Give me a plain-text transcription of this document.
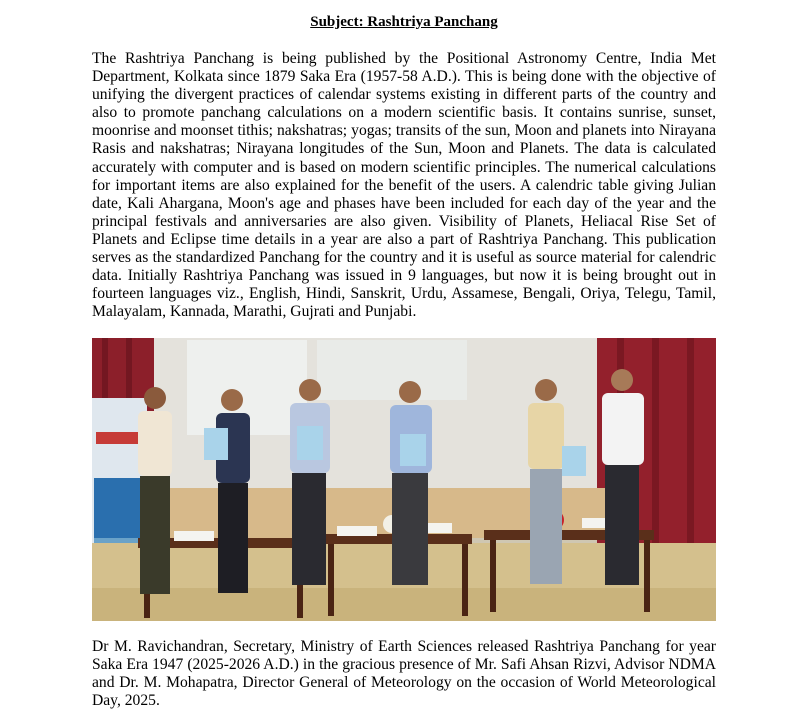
Subject: Rashtriya Panchang

The Rashtriya Panchang is being published by the Positional Astronomy Centre, India Met Department, Kolkata since 1879 Saka Era (1957-58 A.D.). This is being done with the objective of unifying the divergent practices of calendar systems existing in different parts of the country and also to promote panchang calculations on a modern scientific basis. It contains sunrise, sunset, moonrise and moonset tithis; nakshatras; yogas; transits of the sun, Moon and planets into Nirayana Rasis and nakshatras; Nirayana longitudes of the Sun, Moon and Planets. The data is calculated accurately with computer and is based on modern scientific principles. The numerical calculations for important items are also explained for the benefit of the users. A calendric table giving Julian date, Kali Ahargana, Moon's age and phases have been included for each day of the year and the principal festivals and anniversaries are also given. Visibility of Planets, Heliacal Rise Set of Planets and Eclipse time details in a year are also a part of Rashtriya Panchang. This publication serves as the standardized Panchang for the country and it is useful as source material for calendric data. Initially Rashtriya Panchang was issued in 9 languages, but now it is being brought out in fourteen languages viz., English, Hindi, Sanskrit, Urdu, Assamese, Bengali, Oriya, Telegu, Tamil, Malayalam, Kannada, Marathi, Gujrati and Punjabi.

Dr M. Ravichandran, Secretary, Ministry of Earth Sciences released Rashtriya Panchang for year Saka Era 1947 (2025-2026 A.D.) in the gracious presence of Mr. Safi Ahsan Rizvi, Advisor NDMA and Dr. M. Mohapatra, Director General of Meteorology on the occasion of World Meteorological Day, 2025.
